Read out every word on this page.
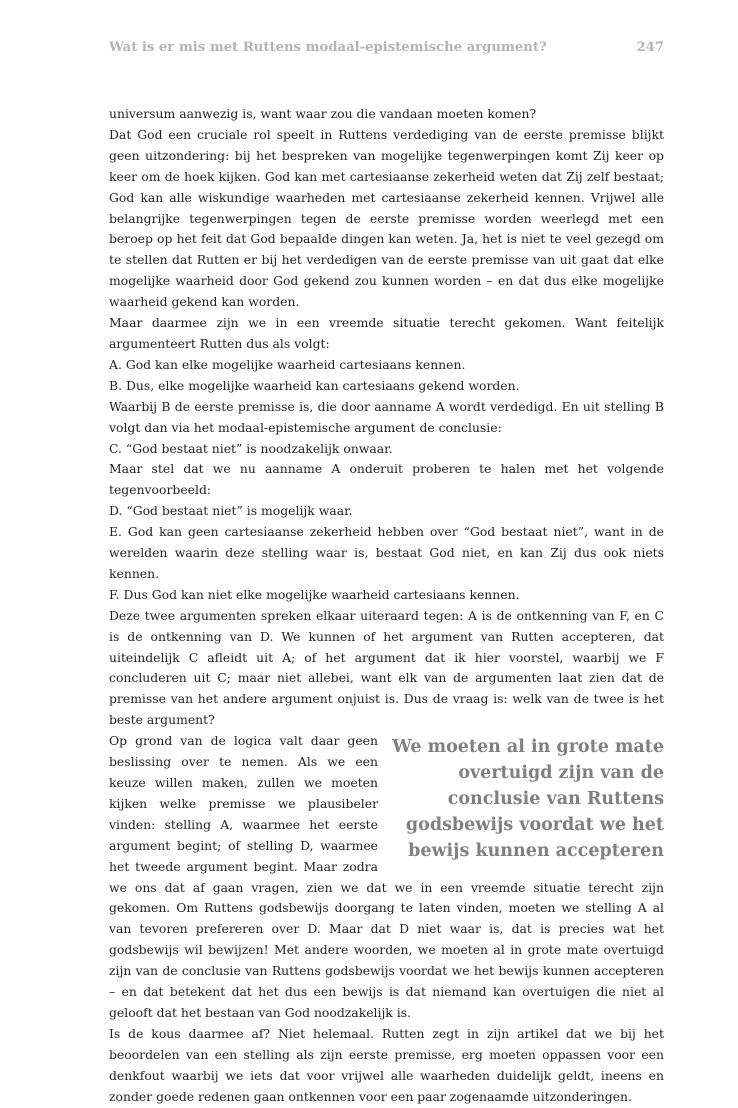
Wat is er mis met Ruttens modaal-epistemische argument?	247

universum aanwezig is, want waar zou die vandaan moeten komen?

Dat God een cruciale rol speelt in Ruttens verdediging van de eerste premisse blijkt geen uitzondering: bij het bespreken van mogelijke tegenwerpingen komt Zij keer op keer om de hoek kijken. God kan met cartesiaanse zekerheid weten dat Zij zelf bestaat; God kan alle wiskundige waarheden met cartesiaanse zekerheid kennen. Vrijwel alle belangrijke tegenwerpingen tegen de eerste premisse worden weerlegd met een beroep op het feit dat God bepaalde dingen kan weten. Ja, het is niet te veel gezegd om te stellen dat Rutten er bij het verdedigen van de eerste premisse van uit gaat dat elke mogelijke waarheid door God gekend zou kunnen worden – en dat dus elke mogelijke waarheid gekend kan worden.

Maar daarmee zijn we in een vreemde situatie terecht gekomen. Want feitelijk argumenteert Rutten dus als volgt:

A. God kan elke mogelijke waarheid cartesiaans kennen.

B. Dus, elke mogelijke waarheid kan cartesiaans gekend worden.

Waarbij B de eerste premisse is, die door aanname A wordt verdedigd. En uit stelling B volgt dan via het modaal-epistemische argument de conclusie:

C. “God bestaat niet” is noodzakelijk onwaar.

Maar stel dat we nu aanname A onderuit proberen te halen met het volgende tegenvoorbeeld:

D. “God bestaat niet” is mogelijk waar.

E. God kan geen cartesiaanse zekerheid hebben over “God bestaat niet”, want in de werelden waarin deze stelling waar is, bestaat God niet, en kan Zij dus ook niets kennen.

F. Dus God kan niet elke mogelijke waarheid cartesiaans kennen.

Deze twee argumenten spreken elkaar uiteraard tegen: A is de ontkenning van F, en C is de ontkenning van D. We kunnen of het argument van Rutten accepteren, dat uiteindelijk C afleidt uit A; of het argument dat ik hier voorstel, waarbij we F concluderen uit C; maar niet allebei, want elk van de argumenten laat zien dat de premisse van het andere argument onjuist is. Dus de vraag is: welk van de twee is het beste argument?

We moeten al in grote mate overtuigd zijn van de conclusie van Ruttens godsbewijs voordat we het bewijs kunnen accepteren

Op grond van de logica valt daar geen beslissing over te nemen. Als we een keuze willen maken, zullen we moeten kijken welke premisse we plausibeler vinden: stelling A, waarmee het eerste argument begint; of stelling D, waarmee het tweede argument begint. Maar zodra we ons dat af gaan vragen, zien we dat we in een vreemde situatie terecht zijn gekomen. Om Ruttens godsbewijs doorgang te laten vinden, moeten we stelling A al van tevoren prefereren over D. Maar dat D niet waar is, dat is precies wat het godsbewijs wil bewijzen! Met andere woorden, we moeten al in grote mate overtuigd zijn van de conclusie van Ruttens godsbewijs voordat we het bewijs kunnen accepteren – en dat betekent dat het dus een bewijs is dat niemand kan overtuigen die niet al gelooft dat het bestaan van God noodzakelijk is.

Is de kous daarmee af? Niet helemaal. Rutten zegt in zijn artikel dat we bij het beoordelen van een stelling als zijn eerste premisse, erg moeten oppassen voor een denkfout waarbij we iets dat voor vrijwel alle waarheden duidelijk geldt, ineens en zonder goede redenen gaan ontkennen voor een paar zogenaamde uitzonderingen.
